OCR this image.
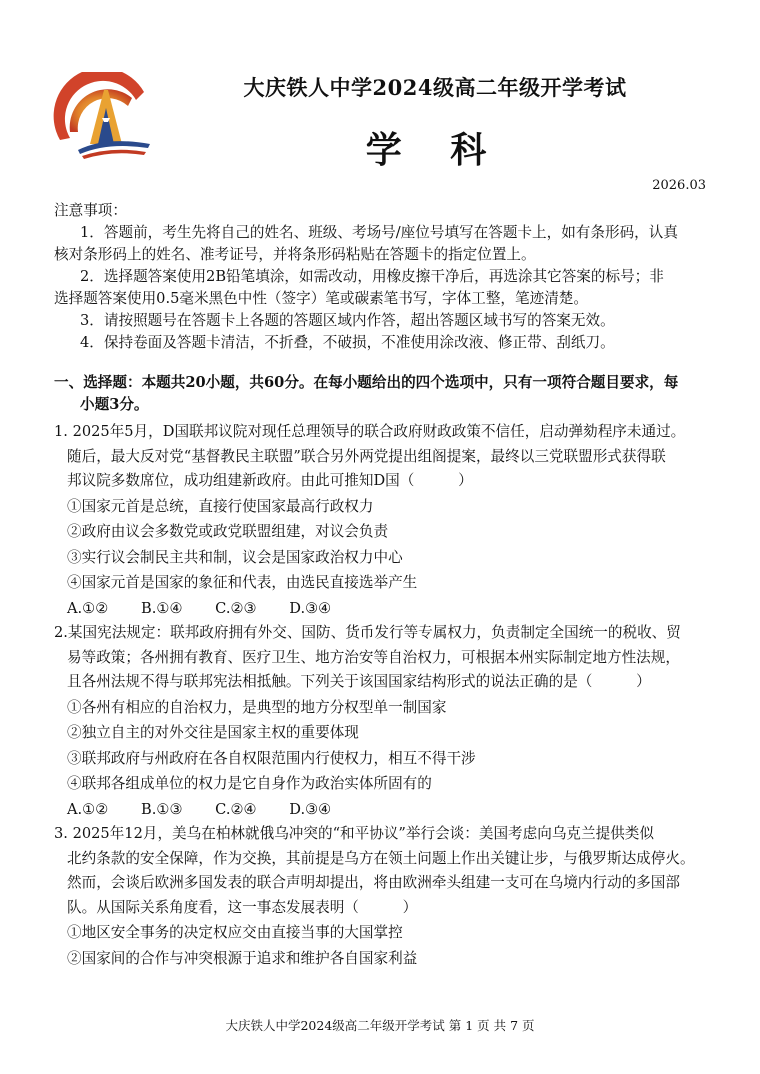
大庆铁人中学2024级高二年级开学考试
学 科
2026.03
注意事项：
1．答题前，考生先将自己的姓名、班级、考场号/座位号填写在答题卡上，如有条形码，认真
核对条形码上的姓名、准考证号，并将条形码粘贴在答题卡的指定位置上。
2．选择题答案使用2B铅笔填涂，如需改动，用橡皮擦干净后，再选涂其它答案的标号；非
选择题答案使用0.5毫米黑色中性（签字）笔或碳素笔书写，字体工整，笔迹清楚。
3．请按照题号在答题卡上各题的答题区域内作答，超出答题区域书写的答案无效。
4．保持卷面及答题卡清洁，不折叠，不破损，不准使用涂改液、修正带、刮纸刀。
一、选择题：本题共20小题，共60分。在每小题给出的四个选项中，只有一项符合题目要求，每
小题3分。
1. 2025年5月，D国联邦议院对现任总理领导的联合政府财政政策不信任，启动弹劾程序未通过。
随后，最大反对党“基督教民主联盟”联合另外两党提出组阁提案，最终以三党联盟形式获得联
邦议院多数席位，成功组建新政府。由此可推知D国（　　　）
①国家元首是总统，直接行使国家最高行政权力
②政府由议会多数党或政党联盟组建，对议会负责
③实行议会制民主共和制，议会是国家政治权力中心
④国家元首是国家的象征和代表，由选民直接选举产生
A.①② B.①④ C.②③ D.③④
2.某国宪法规定：联邦政府拥有外交、国防、货币发行等专属权力，负责制定全国统一的税收、贸
易等政策；各州拥有教育、医疗卫生、地方治安等自治权力，可根据本州实际制定地方性法规，
且各州法规不得与联邦宪法相抵触。下列关于该国国家结构形式的说法正确的是（　　　）
①各州有相应的自治权力，是典型的地方分权型单一制国家
②独立自主的对外交往是国家主权的重要体现
③联邦政府与州政府在各自权限范围内行使权力，相互不得干涉
④联邦各组成单位的权力是它自身作为政治实体所固有的
A.①② B.①③ C.②④ D.③④
3. 2025年12月，美乌在柏林就俄乌冲突的“和平协议”举行会谈：美国考虑向乌克兰提供类似
北约条款的安全保障，作为交换，其前提是乌方在领土问题上作出关键让步，与俄罗斯达成停火。
然而，会谈后欧洲多国发表的联合声明却提出，将由欧洲牵头组建一支可在乌境内行动的多国部
队。从国际关系角度看，这一事态发展表明（　　　）
①地区安全事务的决定权应交由直接当事的大国掌控
②国家间的合作与冲突根源于追求和维护各自国家利益
大庆铁人中学2024级高二年级开学考试 第 1 页 共 7 页
